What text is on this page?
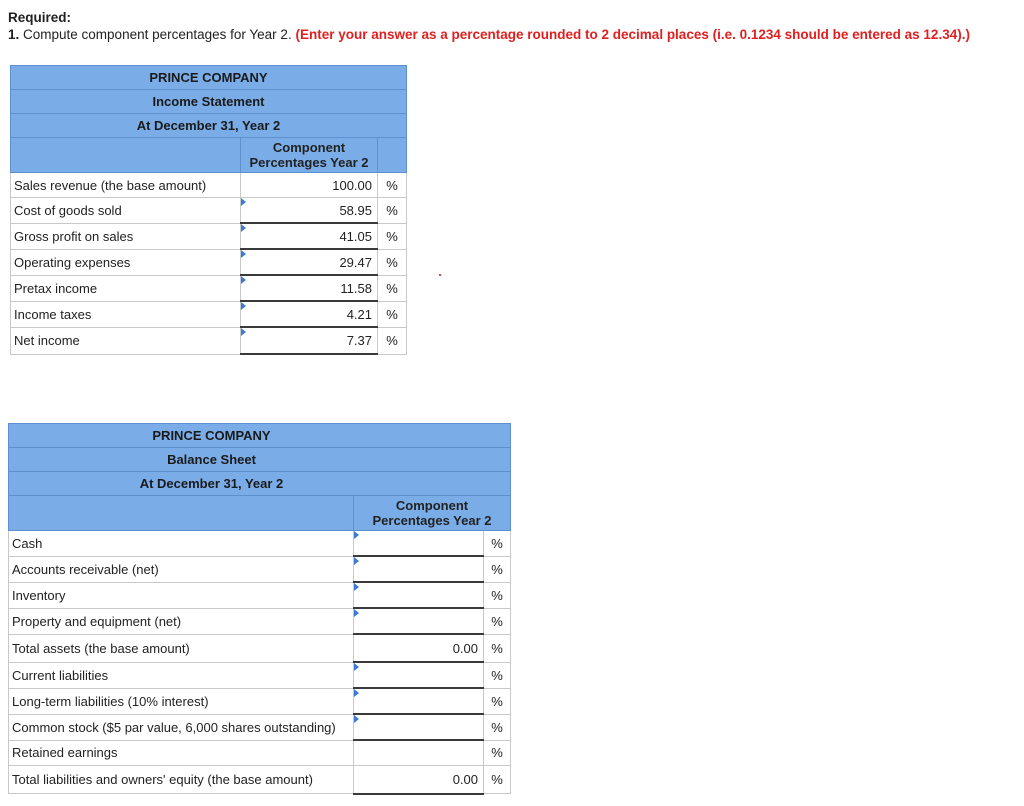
Required:
1. Compute component percentages for Year 2. (Enter your answer as a percentage rounded to 2 decimal places (i.e. 0.1234 should be entered as 12.34).)
PRINCE COMPANY		
Income Statement		
At December 31, Year 2		
	Component
Percentages Year 2	
Sales revenue (the base amount)	100.00	%
Cost of goods sold	58.95	%
Gross profit on sales	41.05	%
Operating expenses	29.47	%
Pretax income	11.58	%
Income taxes	4.21	%
Net income	7.37	%
PRINCE COMPANY		
Balance Sheet		
At December 31, Year 2		
	Component
Percentages Year 2	
Cash		%
Accounts receivable (net)		%
Inventory		%
Property and equipment (net)		%
Total assets (the base amount)	0.00	%
Current liabilities		%
Long-term liabilities (10% interest)		%
Common stock ($5 par value, 6,000 shares outstanding)		%
Retained earnings		%
Total liabilities and owners' equity (the base amount)	0.00	%
